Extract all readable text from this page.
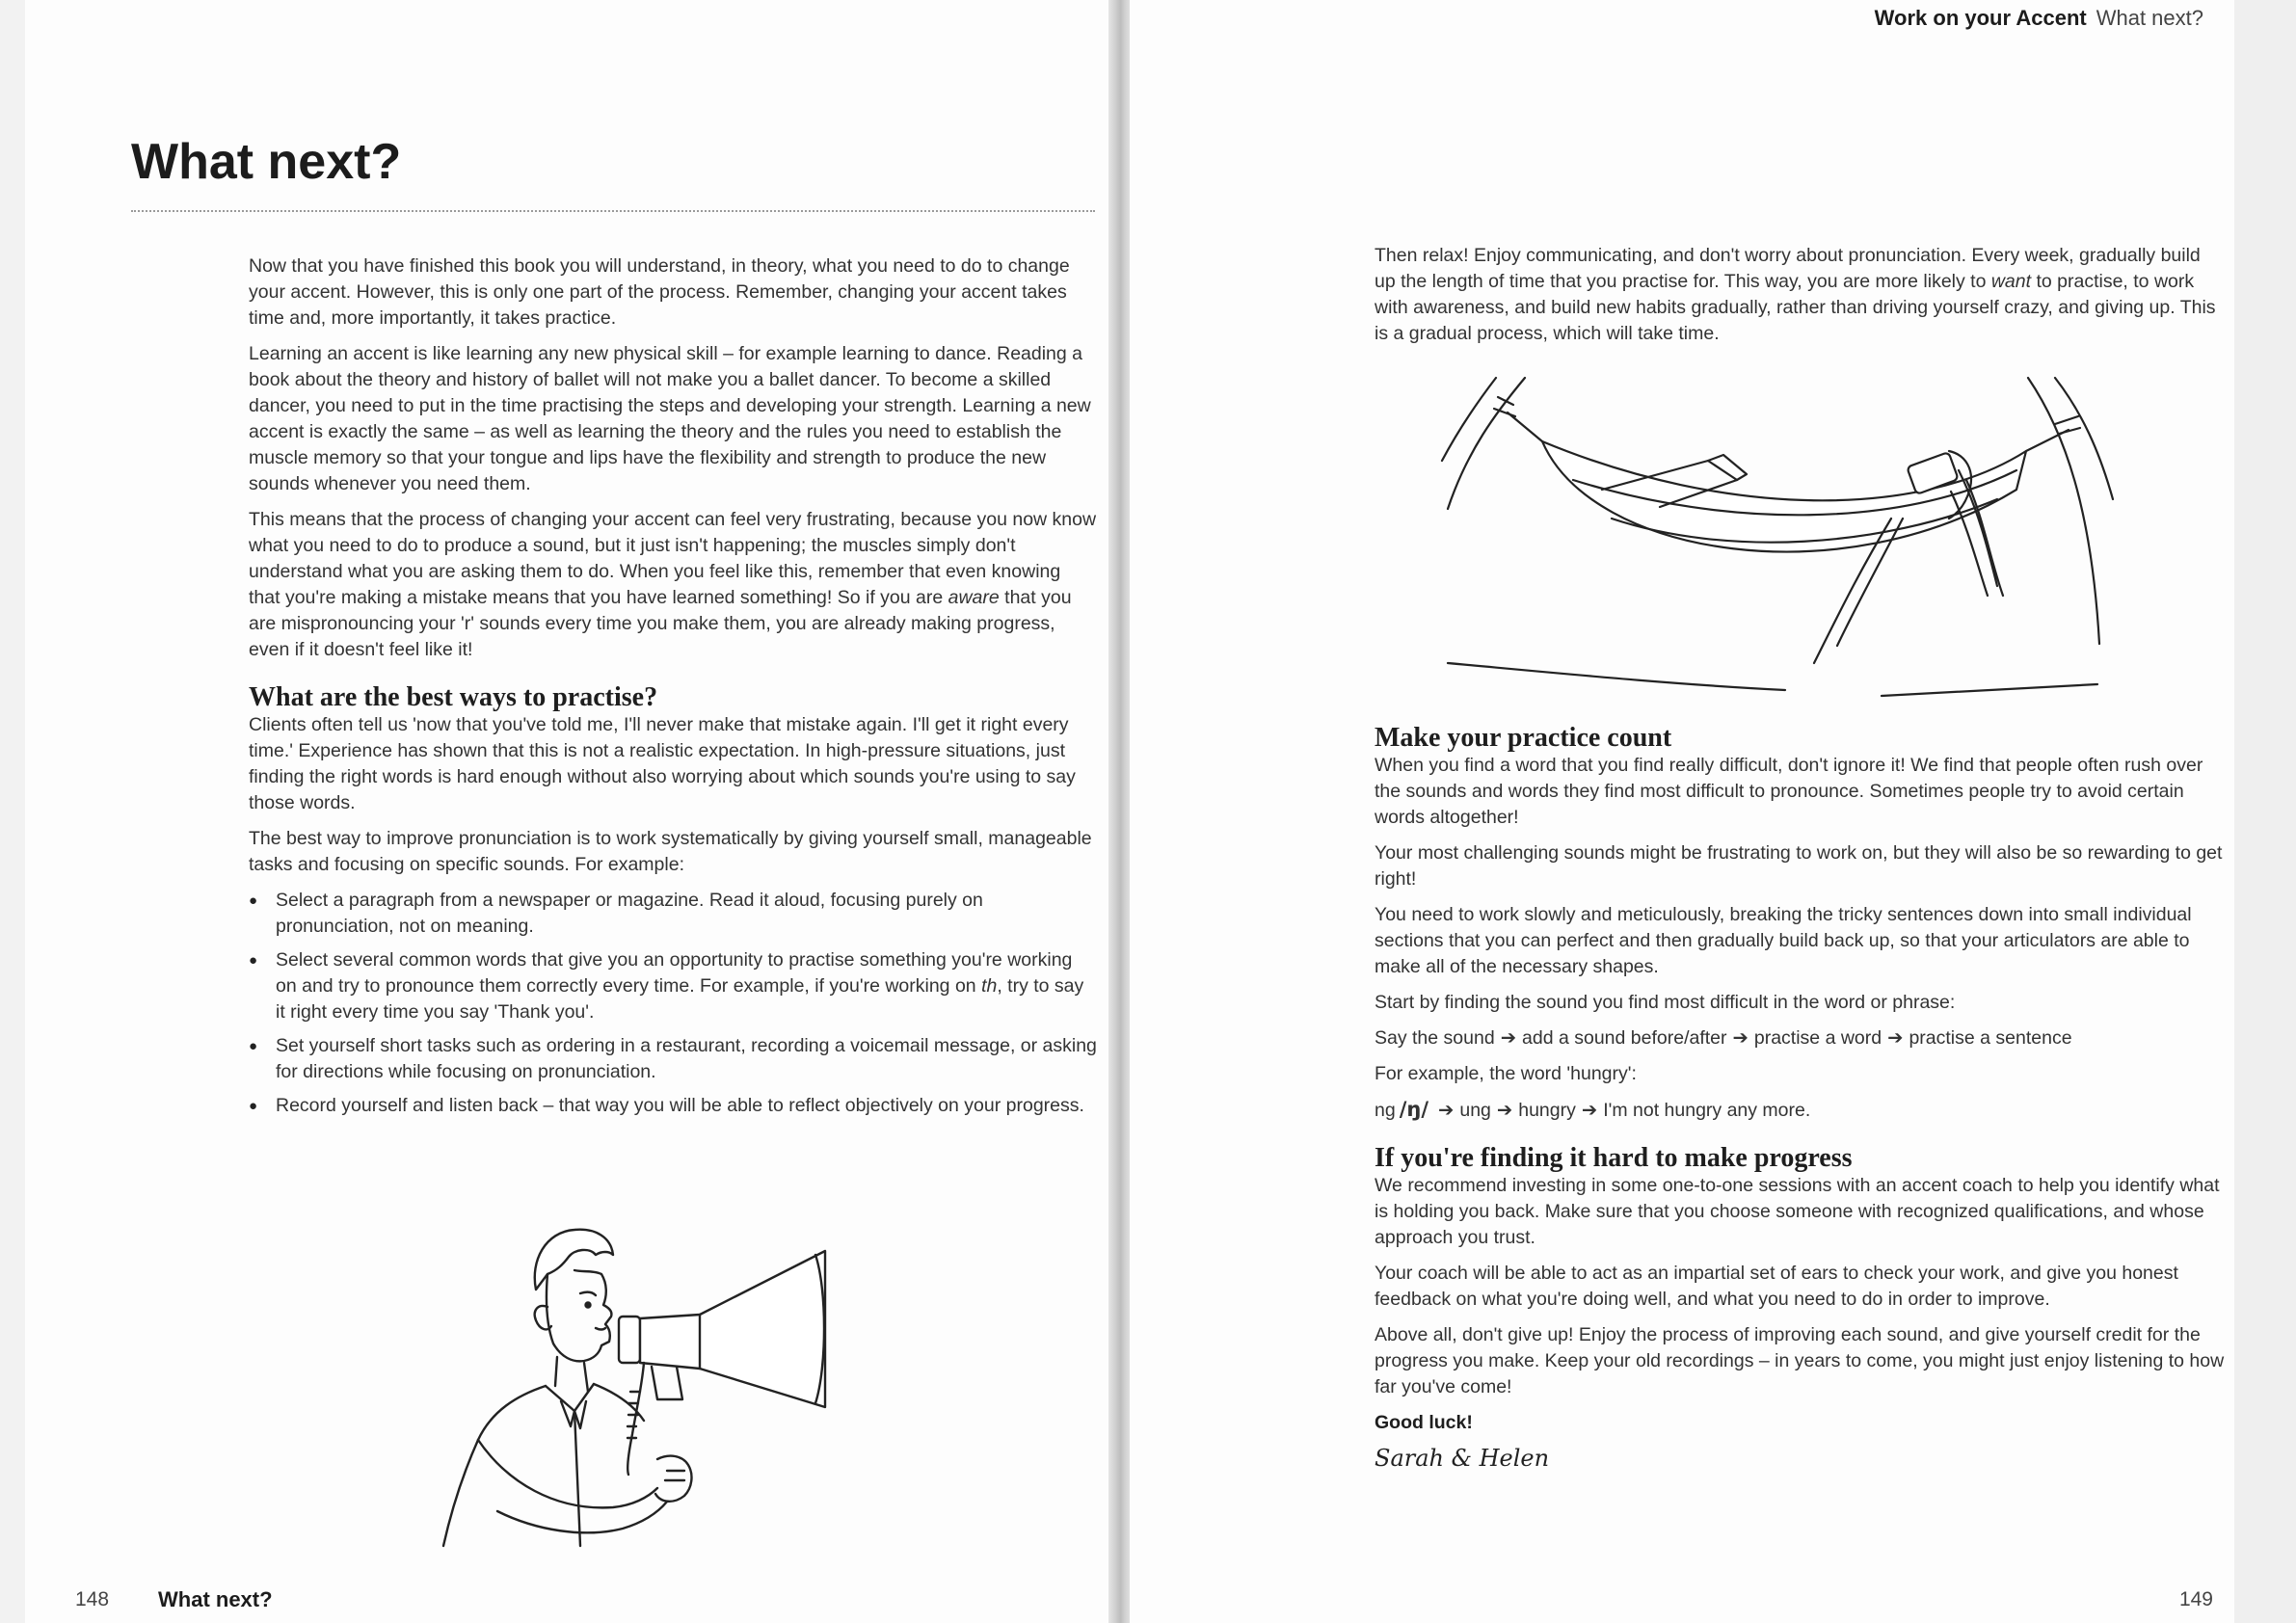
What next?

Now that you have finished this book you will understand, in theory, what you need to do to change your accent. However, this is only one part of the process. Remember, changing your accent takes time and, more importantly, it takes practice.

Learning an accent is like learning any new physical skill – for example learning to dance. Reading a book about the theory and history of ballet will not make you a ballet dancer. To become a skilled dancer, you need to put in the time practising the steps and developing your strength. Learning a new accent is exactly the same – as well as learning the theory and the rules you need to establish the muscle memory so that your tongue and lips have the flexibility and strength to produce the new sounds whenever you need them.

This means that the process of changing your accent can feel very frustrating, because you now know what you need to do to produce a sound, but it just isn't happening; the muscles simply don't understand what you are asking them to do. When you feel like this, remember that even knowing that you're making a mistake means that you have learned something! So if you are aware that you are mispronouncing your 'r' sounds every time you make them, you are already making progress, even if it doesn't feel like it!

What are the best ways to practise?

Clients often tell us 'now that you've told me, I'll never make that mistake again. I'll get it right every time.' Experience has shown that this is not a realistic expectation. In high-pressure situations, just finding the right words is hard enough without also worrying about which sounds you're using to say those words.

The best way to improve pronunciation is to work systematically by giving yourself small, manageable tasks and focusing on specific sounds. For example:

● Select a paragraph from a newspaper or magazine. Read it aloud, focusing purely on pronunciation, not on meaning.
● Select several common words that give you an opportunity to practise something you're working on and try to pronounce them correctly every time. For example, if you're working on th, try to say it right every time you say 'Thank you'.
● Set yourself short tasks such as ordering in a restaurant, recording a voicemail message, or asking for directions while focusing on pronunciation.
● Record yourself and listen back – that way you will be able to reflect objectively on your progress.
148 What next?
Work on your Accent What next?

Then relax! Enjoy communicating, and don't worry about pronunciation. Every week, gradually build up the length of time that you practise for. This way, you are more likely to want to practise, to work with awareness, and build new habits gradually, rather than driving yourself crazy, and giving up. This is a gradual process, which will take time.

Make your practice count

When you find a word that you find really difficult, don't ignore it! We find that people often rush over the sounds and words they find most difficult to pronounce. Sometimes people try to avoid certain words altogether!

Your most challenging sounds might be frustrating to work on, but they will also be so rewarding to get right!

You need to work slowly and meticulously, breaking the tricky sentences down into small individual sections that you can perfect and then gradually build back up, so that your articulators are able to make all of the necessary shapes.

Start by finding the sound you find most difficult in the word or phrase:

Say the sound ➔ add a sound before/after ➔ practise a word ➔ practise a sentence

For example, the word 'hungry':

ng /ŋ/ ➔ ung ➔ hungry ➔ I'm not hungry any more.

If you're finding it hard to make progress

We recommend investing in some one-to-one sessions with an accent coach to help you identify what is holding you back. Make sure that you choose someone with recognized qualifications, and whose approach you trust.

Your coach will be able to act as an impartial set of ears to check your work, and give you honest feedback on what you're doing well, and what you need to do in order to improve.

Above all, don't give up! Enjoy the process of improving each sound, and give yourself credit for the progress you make. Keep your old recordings – in years to come, you might just enjoy listening to how far you've come!

Good luck!

Sarah & Helen
149
